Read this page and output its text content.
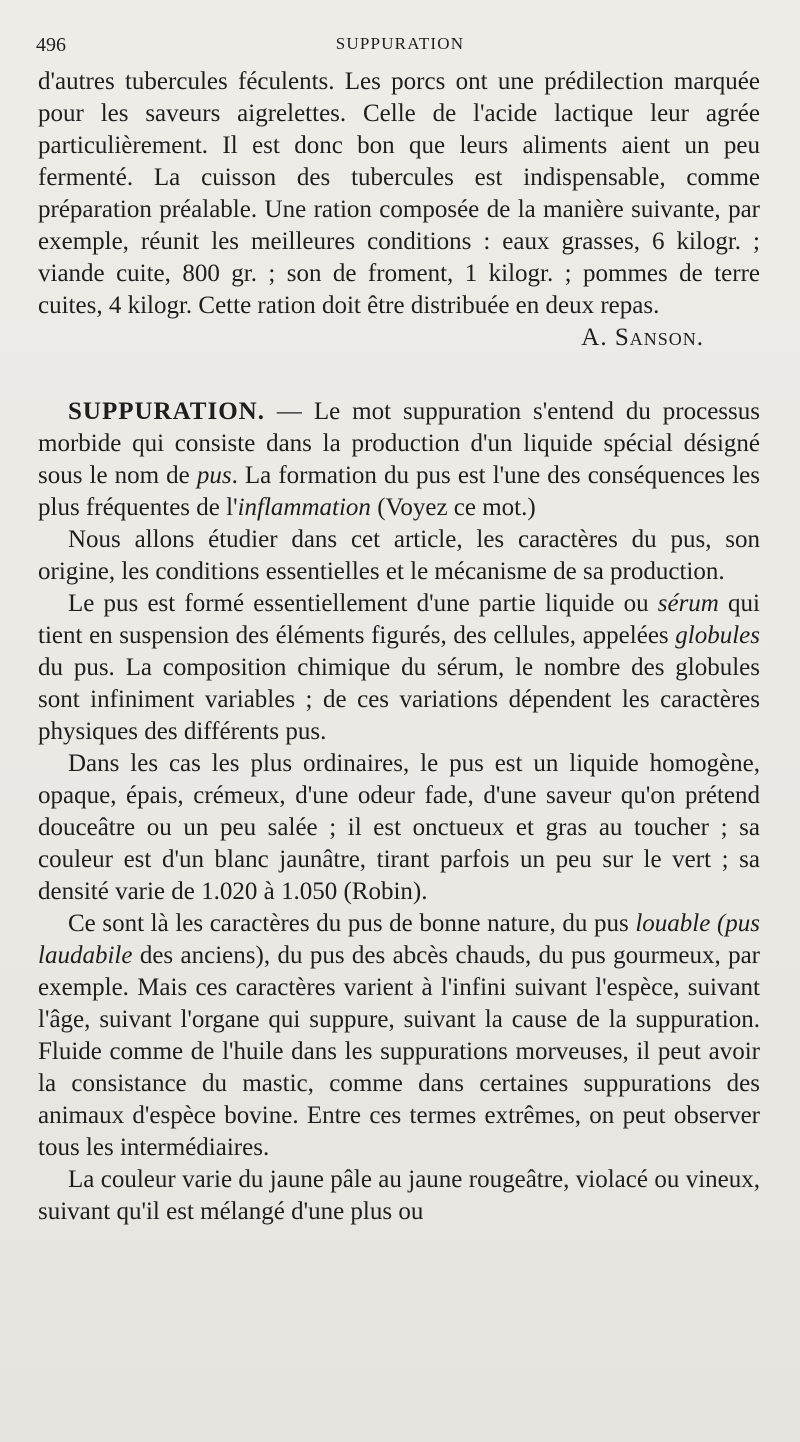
496	SUPPURATION

d'autres tubercules féculents. Les porcs ont une prédilection marquée pour les saveurs aigrelettes. Celle de l'acide lactique leur agrée particulièrement. Il est donc bon que leurs aliments aient un peu fermenté. La cuisson des tubercules est indispensable, comme préparation préalable. Une ration composée de la manière suivante, par exemple, réunit les meilleures conditions : eaux grasses, 6 kilogr. ; viande cuite, 800 gr. ; son de froment, 1 kilogr. ; pommes de terre cuites, 4 kilogr. Cette ration doit être distribuée en deux repas.

A. Sanson.

SUPPURATION. — Le mot suppuration s'entend du processus morbide qui consiste dans la production d'un liquide spécial désigné sous le nom de pus. La formation du pus est l'une des conséquences les plus fréquentes de l'inflammation (Voyez ce mot.)

Nous allons étudier dans cet article, les caractères du pus, son origine, les conditions essentielles et le mécanisme de sa production.

Le pus est formé essentiellement d'une partie liquide ou sérum qui tient en suspension des éléments figurés, des cellules, appelées globules du pus. La composition chimique du sérum, le nombre des globules sont infiniment variables ; de ces variations dépendent les caractères physiques des différents pus.

Dans les cas les plus ordinaires, le pus est un liquide homogène, opaque, épais, crémeux, d'une odeur fade, d'une saveur qu'on prétend douceâtre ou un peu salée ; il est onctueux et gras au toucher ; sa couleur est d'un blanc jaunâtre, tirant parfois un peu sur le vert ; sa densité varie de 1.020 à 1.050 (Robin).

Ce sont là les caractères du pus de bonne nature, du pus louable (pus laudabile des anciens), du pus des abcès chauds, du pus gourmeux, par exemple. Mais ces caractères varient à l'infini suivant l'espèce, suivant l'âge, suivant l'organe qui suppure, suivant la cause de la suppuration. Fluide comme de l'huile dans les suppurations morveuses, il peut avoir la consistance du mastic, comme dans certaines suppurations des animaux d'espèce bovine. Entre ces termes extrêmes, on peut observer tous les intermédiaires.

La couleur varie du jaune pâle au jaune rougeâtre, violacé ou vineux, suivant qu'il est mélangé d'une plus ou
